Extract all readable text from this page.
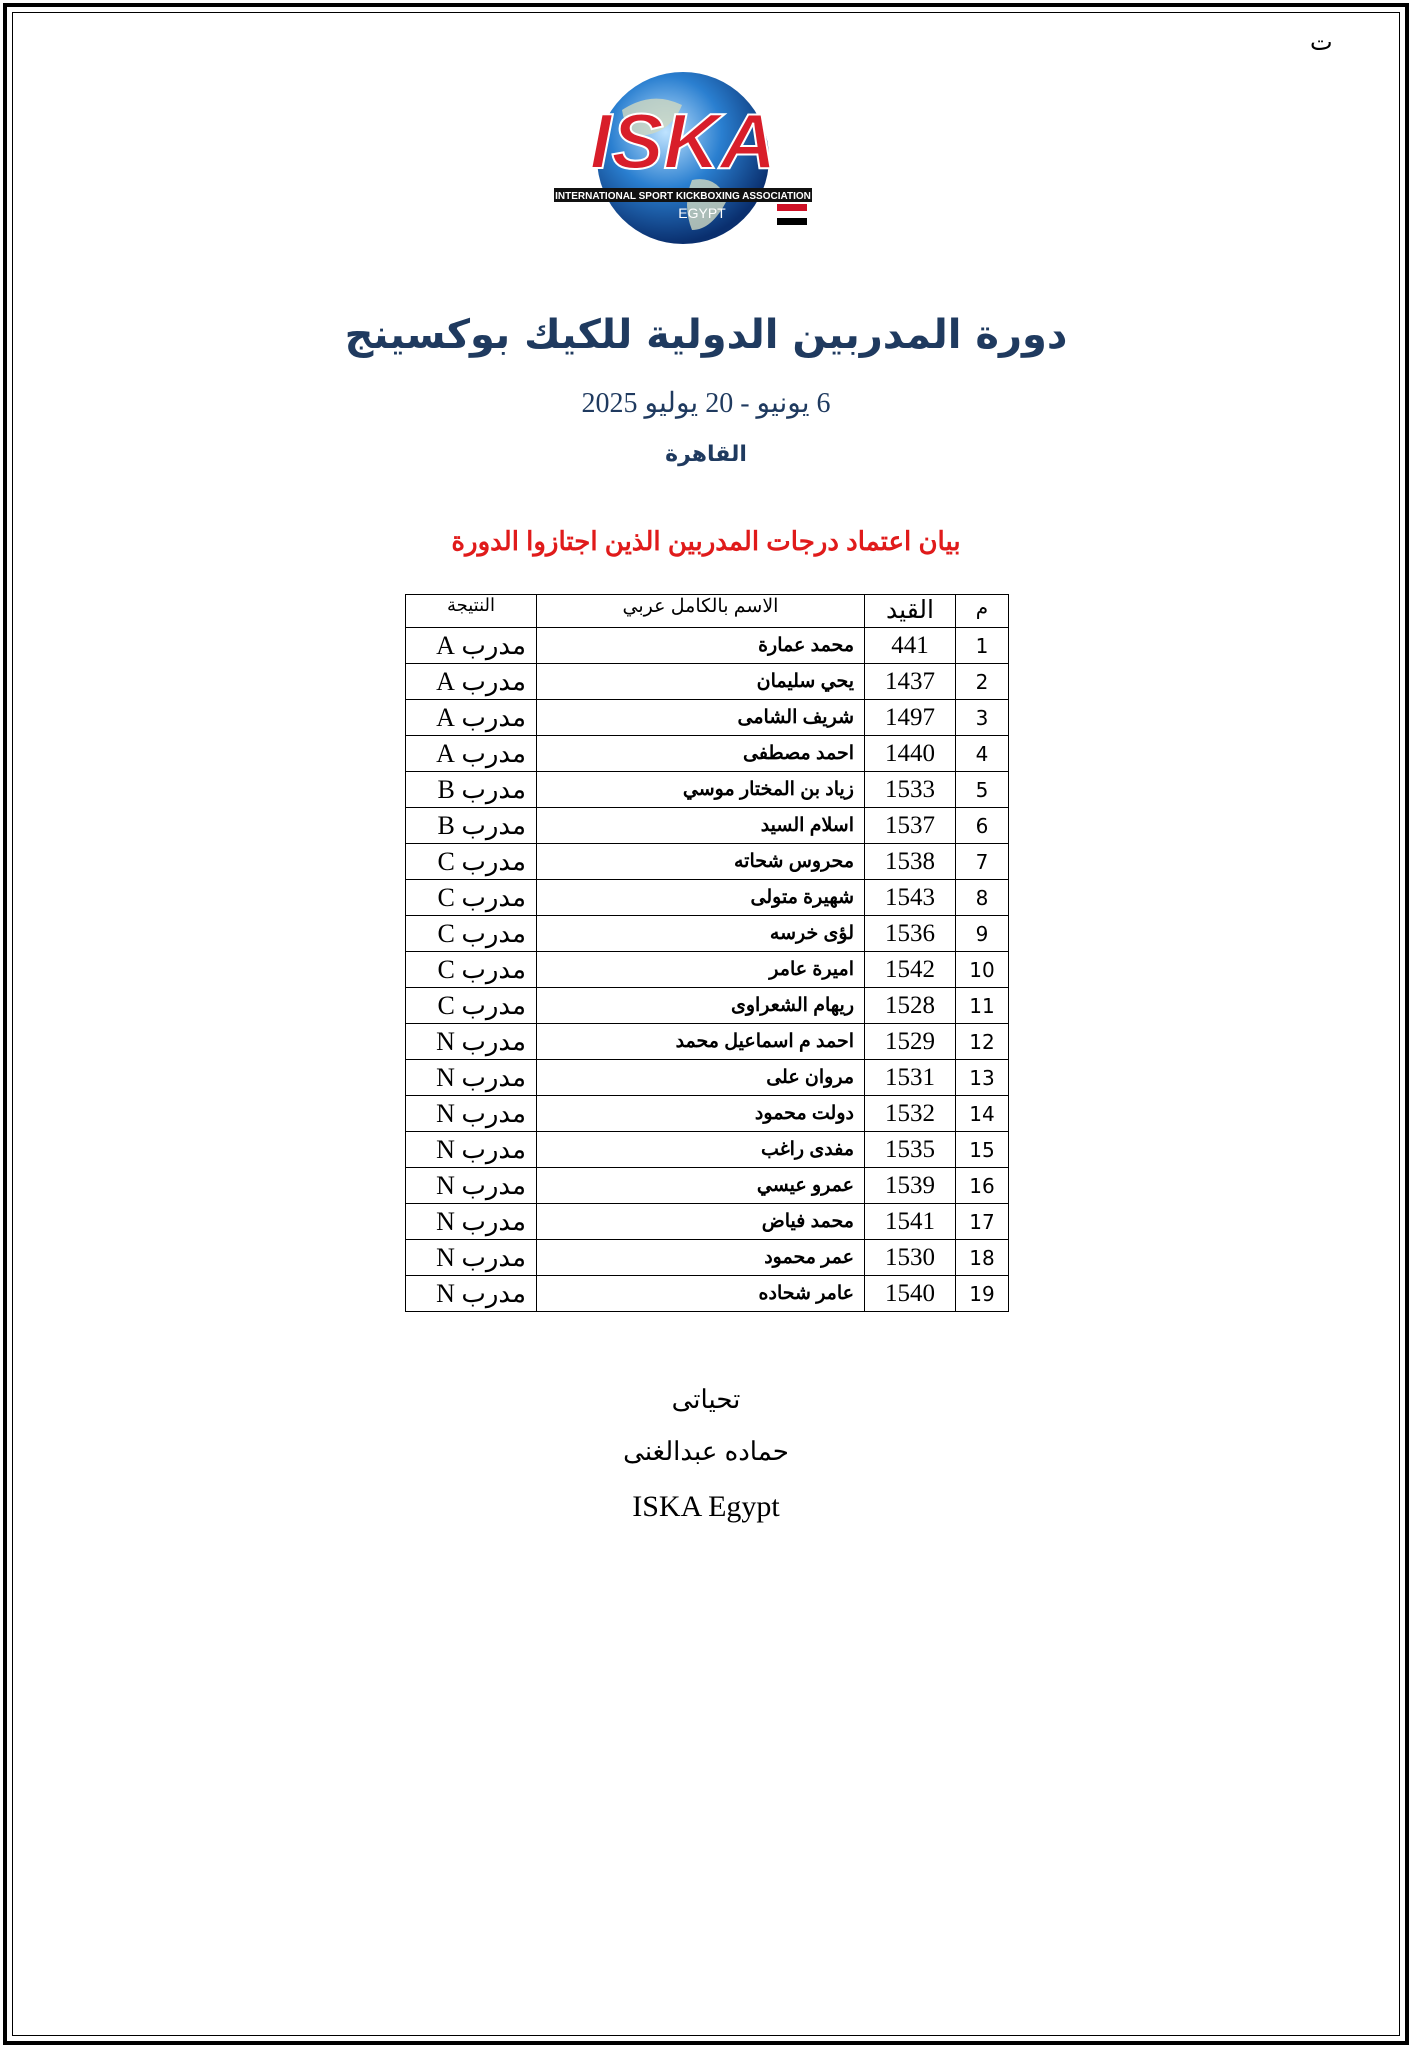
ت
ISKA
INTERNATIONAL SPORT KICKBOXING ASSOCIATION
EGYPT
دورة المدربين الدولية للكيك بوكسينج
6 يونيو - 20 يوليو 2025
القاهرة
بيان اعتماد درجات المدربين الذين اجتازوا الدورة
م	القيد	الاسم بالكامل عربي	النتيجة
1	441	محمد عمارة	مدرب A
2	1437	يحي سليمان	مدرب A
3	1497	شريف الشامى	مدرب A
4	1440	احمد مصطفى	مدرب A
5	1533	زياد بن المختار موسي	مدرب B
6	1537	اسلام السيد	مدرب B
7	1538	محروس شحاته	مدرب C
8	1543	شهيرة متولى	مدرب C
9	1536	لؤى خرسه	مدرب C
10	1542	اميرة عامر	مدرب C
11	1528	ريهام الشعراوى	مدرب C
12	1529	احمد م اسماعيل محمد	مدرب N
13	1531	مروان على	مدرب N
14	1532	دولت محمود	مدرب N
15	1535	مفدى راغب	مدرب N
16	1539	عمرو عيسي	مدرب N
17	1541	محمد فياض	مدرب N
18	1530	عمر محمود	مدرب N
19	1540	عامر شحاده	مدرب N
تحياتى
حماده عبدالغنى
ISKA Egypt
